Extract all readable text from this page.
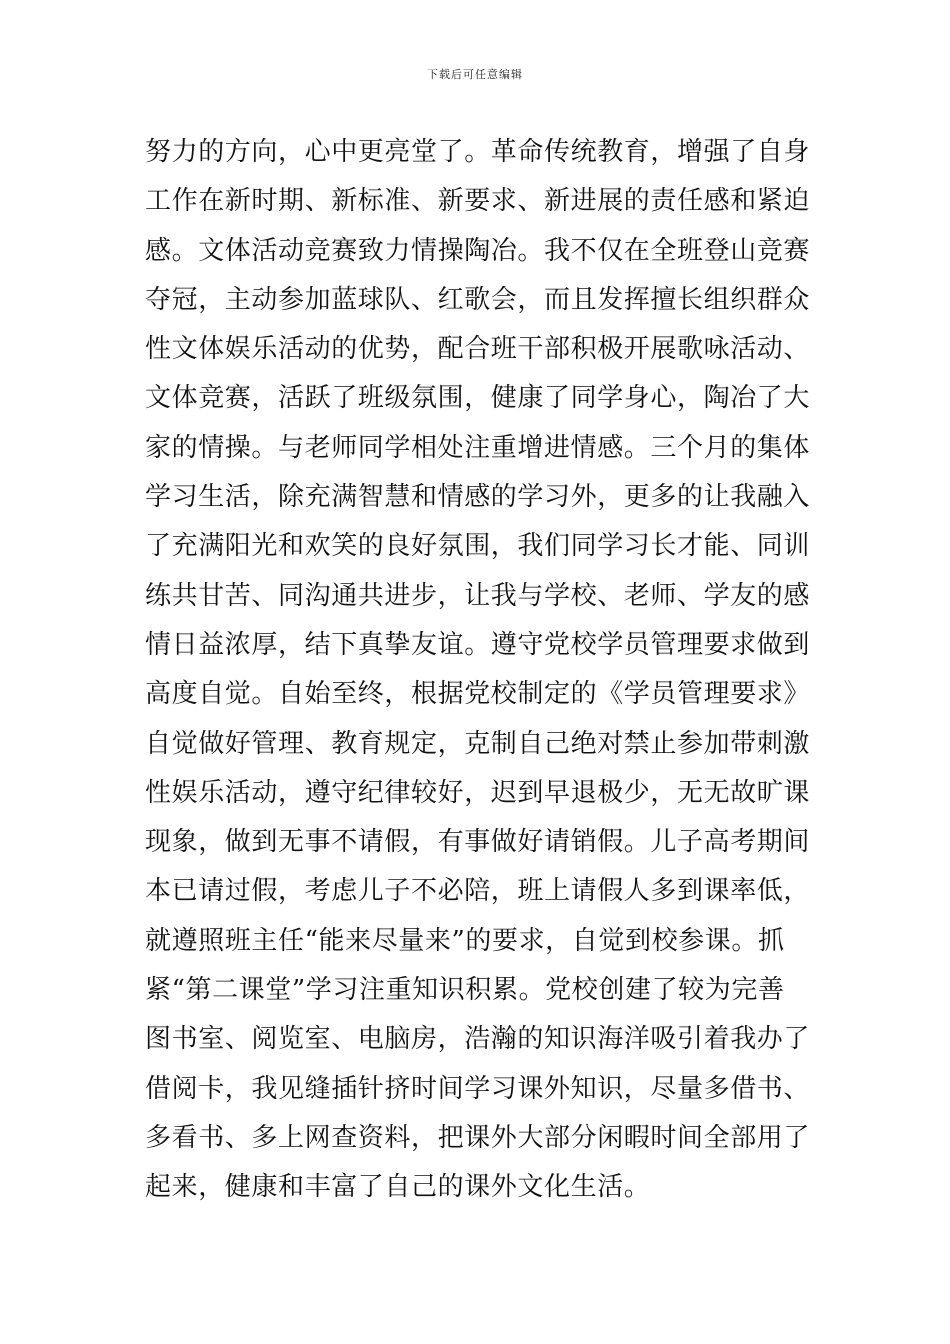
下载后可任意编辑
努力的方向，心中更亮堂了。革命传统教育，增强了自身
工作在新时期、新标准、新要求、新进展的责任感和紧迫
感。文体活动竞赛致力情操陶冶。我不仅在全班登山竞赛
夺冠，主动参加蓝球队、红歌会，而且发挥擅长组织群众
性文体娱乐活动的优势，配合班干部积极开展歌咏活动、
文体竞赛，活跃了班级氛围，健康了同学身心，陶冶了大
家的情操。与老师同学相处注重增进情感。三个月的集体
学习生活，除充满智慧和情感的学习外，更多的让我融入
了充满阳光和欢笑的良好氛围，我们同学习长才能、同训
练共甘苦、同沟通共进步，让我与学校、老师、学友的感
情日益浓厚，结下真挚友谊。遵守党校学员管理要求做到
高度自觉。自始至终，根据党校制定的《学员管理要求》
自觉做好管理、教育规定，克制自己绝对禁止参加带刺激
性娱乐活动，遵守纪律较好，迟到早退极少，无无故旷课
现象，做到无事不请假，有事做好请销假。儿子高考期间
本已请过假，考虑儿子不必陪，班上请假人多到课率低，
就遵照班主任“能来尽量来”的要求，自觉到校参课。抓
紧“第二课堂”学习注重知识积累。党校创建了较为完善
图书室、阅览室、电脑房，浩瀚的知识海洋吸引着我办了
借阅卡，我见缝插针挤时间学习课外知识，尽量多借书、
多看书、多上网查资料，把课外大部分闲暇时间全部用了
起来，健康和丰富了自己的课外文化生活。
